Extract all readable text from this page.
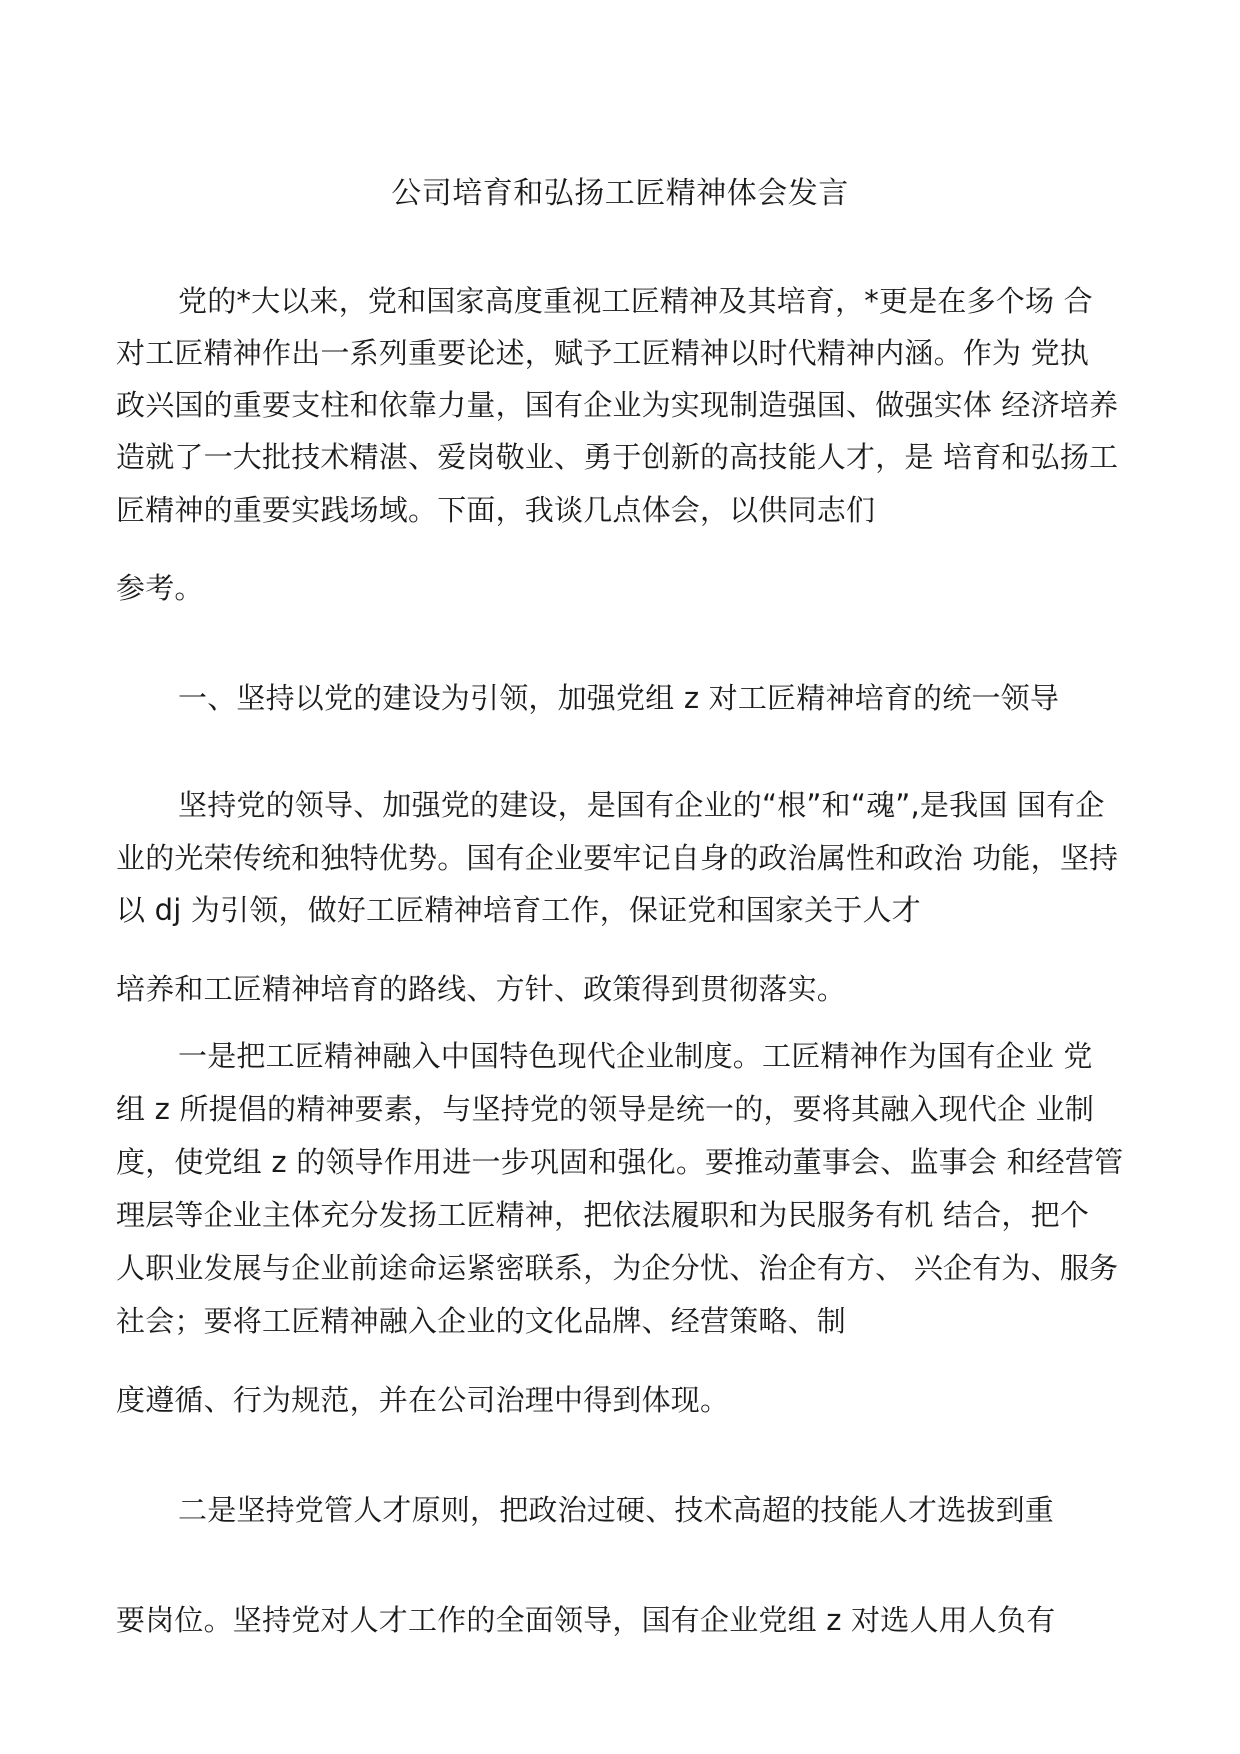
公司培育和弘扬工匠精神体会发言
党的*大以来，党和国家高度重视工匠精神及其培育，*更是在多个场 合
对工匠精神作出一系列重要论述，赋予工匠精神以时代精神内涵。作为 党执
政兴国的重要支柱和依靠力量，国有企业为实现制造强国、做强实体 经济培养
造就了一大批技术精湛、爱岗敬业、勇于创新的高技能人才，是 培育和弘扬工
匠精神的重要实践场域。下面，我谈几点体会，以供同志们
参考。
一、坚持以党的建设为引领，加强党组 z 对工匠精神培育的统一领导
坚持党的领导、加强党的建设，是国有企业的“根”和“魂”,是我国 国有企
业的光荣传统和独特优势。国有企业要牢记自身的政治属性和政治 功能，坚持
以 dj 为引领，做好工匠精神培育工作，保证党和国家关于人才
培养和工匠精神培育的路线、方针、政策得到贯彻落实。
一是把工匠精神融入中国特色现代企业制度。工匠精神作为国有企业 党
组 z 所提倡的精神要素，与坚持党的领导是统一的，要将其融入现代企 业制
度，使党组 z 的领导作用进一步巩固和强化。要推动董事会、监事会 和经营管
理层等企业主体充分发扬工匠精神，把依法履职和为民服务有机 结合，把个
人职业发展与企业前途命运紧密联系，为企分忧、治企有方、 兴企有为、服务
社会；要将工匠精神融入企业的文化品牌、经营策略、制
度遵循、行为规范，并在公司治理中得到体现。
二是坚持党管人才原则，把政治过硬、技术高超的技能人才选拔到重
要岗位。坚持党对人才工作的全面领导，国有企业党组 z 对选人用人负有
